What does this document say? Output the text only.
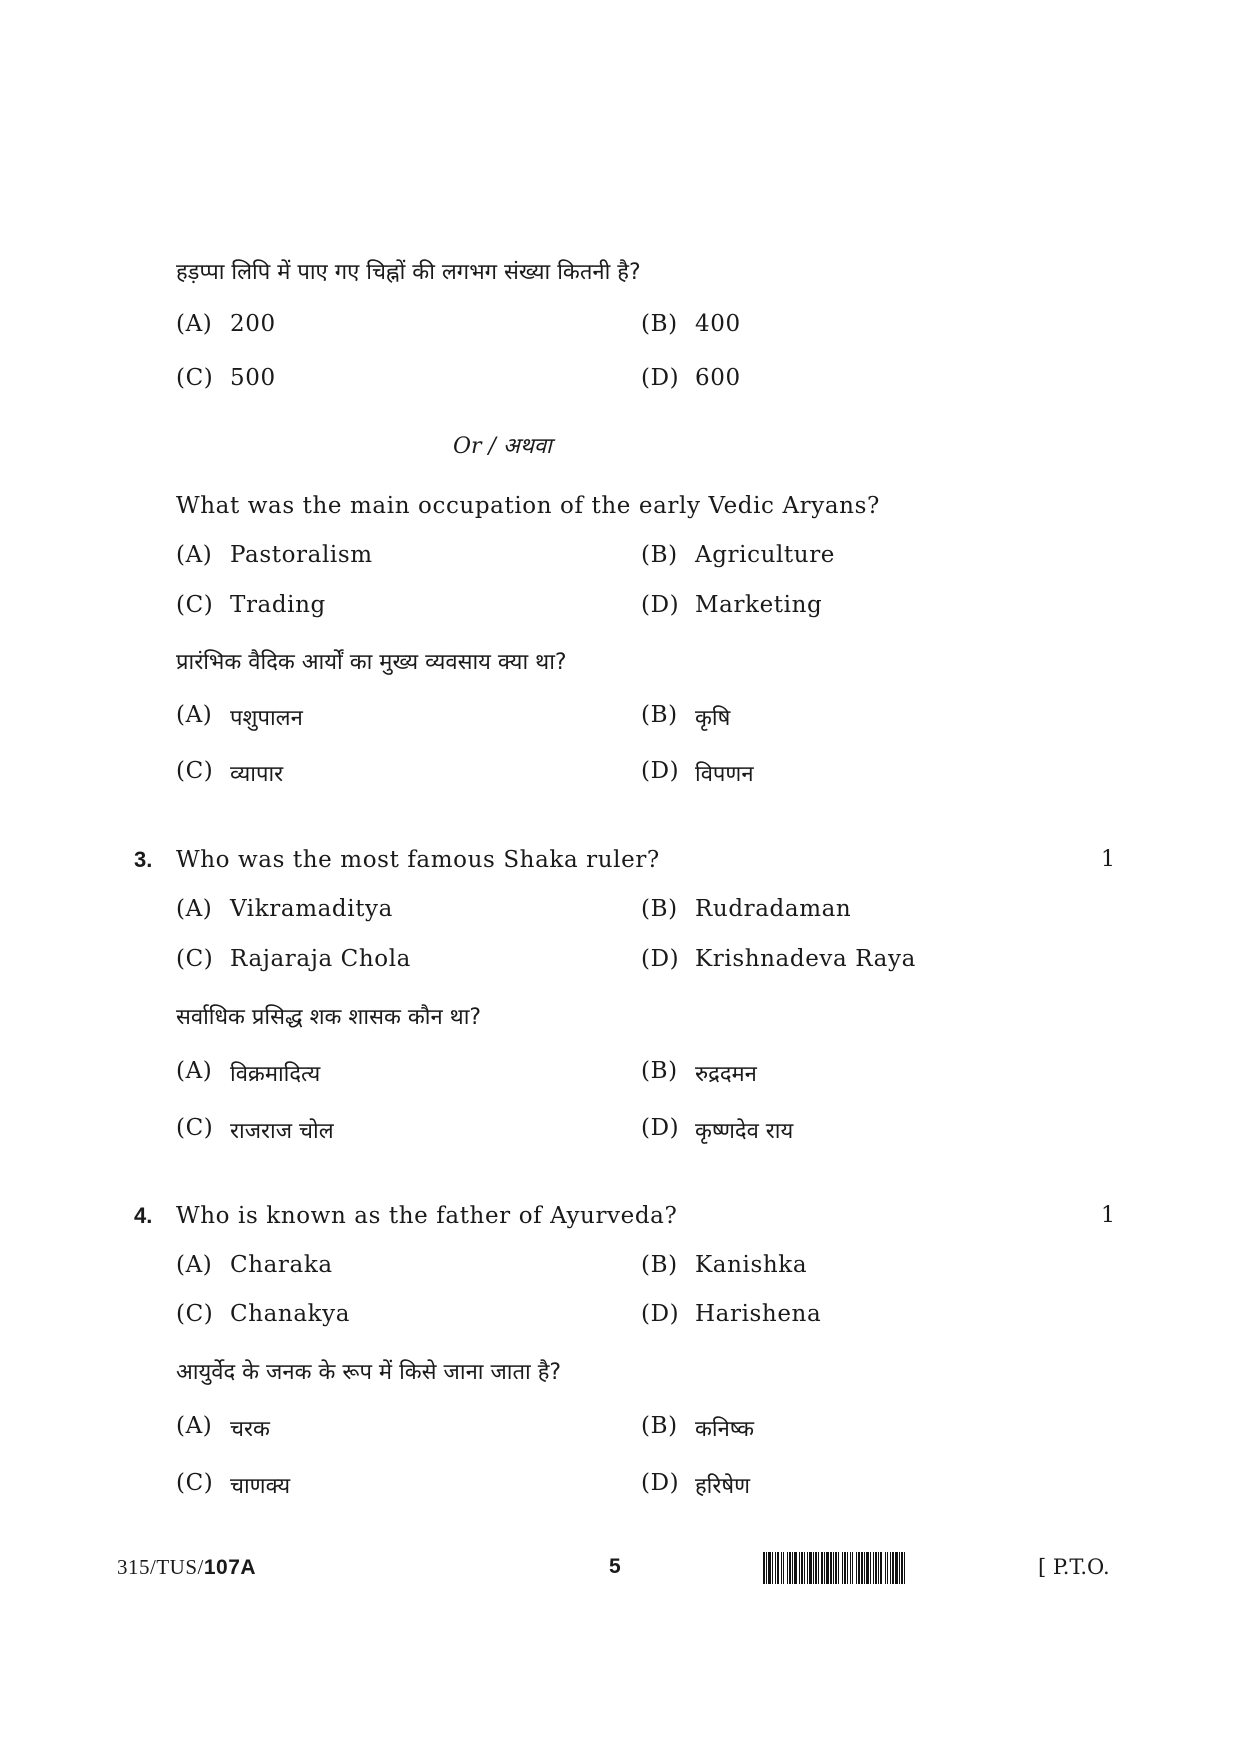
हड़प्पा लिपि में पाए गए चिह्नों की लगभग संख्या कितनी है?
(A) 200	(B) 400
(C) 500	(D) 600
Or / अथवा
What was the main occupation of the early Vedic Aryans?
(A) Pastoralism	(B) Agriculture
(C) Trading	(D) Marketing
प्रारंभिक वैदिक आर्यों का मुख्य व्यवसाय क्या था?
(A) पशुपालन	(B) कृषि
(C) व्यापार	(D) विपणन
3. Who was the most famous Shaka ruler?	1
(A) Vikramaditya	(B) Rudradaman
(C) Rajaraja Chola	(D) Krishnadeva Raya
सर्वाधिक प्रसिद्ध शक शासक कौन था?
(A) विक्रमादित्य	(B) रुद्रदमन
(C) राजराज चोल	(D) कृष्णदेव राय
4. Who is known as the father of Ayurveda?	1
(A) Charaka	(B) Kanishka
(C) Chanakya	(D) Harishena
आयुर्वेद के जनक के रूप में किसे जाना जाता है?
(A) चरक	(B) कनिष्क
(C) चाणक्य	(D) हरिषेण
315/TUS/107A	5	[ P.T.O.
